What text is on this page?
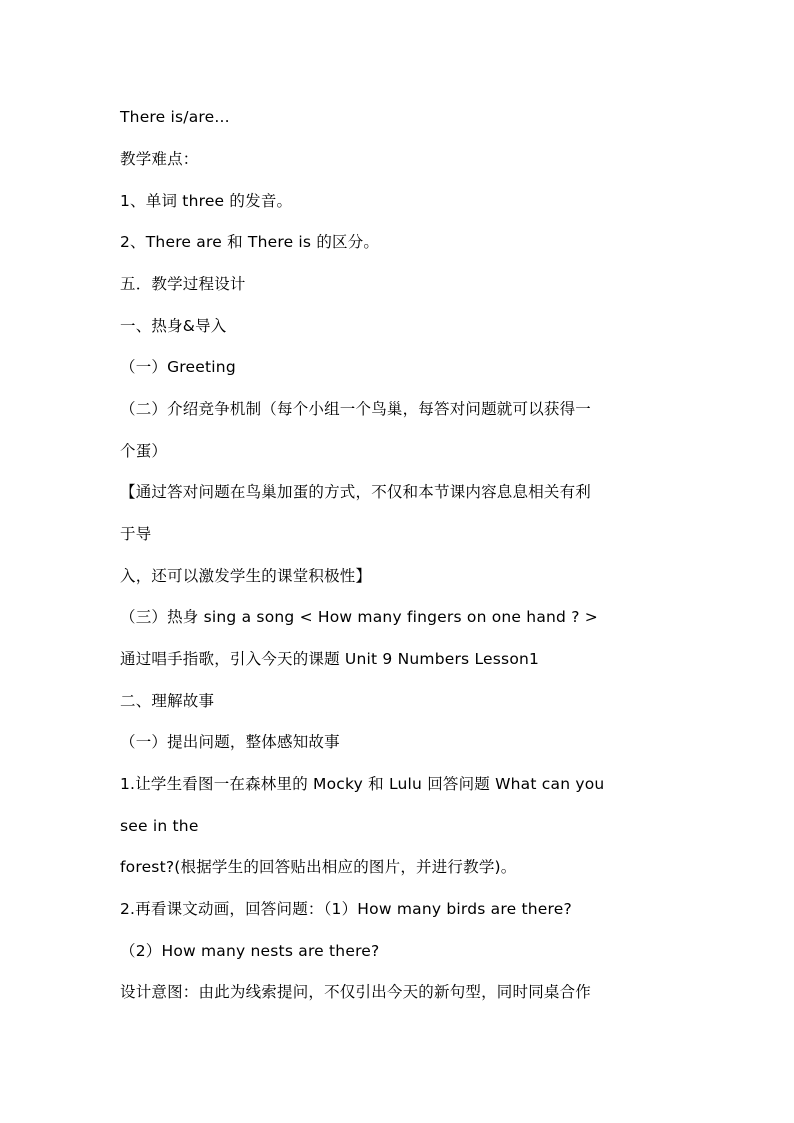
There is/are...
教学难点：
1、单词 three 的发音。
2、There are 和 There is 的区分。
五．教学过程设计
一、热身&导入
（一）Greeting
（二）介绍竞争机制（每个小组一个鸟巢，每答对问题就可以获得一
个蛋）
【通过答对问题在鸟巢加蛋的方式，不仅和本节课内容息息相关有利
于导
入，还可以激发学生的课堂积极性】
（三）热身 sing a song < How many fingers on one hand ? >
通过唱手指歌，引入今天的课题 Unit 9 Numbers Lesson1
二、理解故事
（一）提出问题，整体感知故事
1.让学生看图一在森林里的 Mocky 和 Lulu 回答问题 What can you
see in the
forest?(根据学生的回答贴出相应的图片，并进行教学)。
2.再看课文动画，回答问题：（1）How many birds are there?
（2）How many nests are there?
设计意图：由此为线索提问，不仅引出今天的新句型，同时同桌合作
